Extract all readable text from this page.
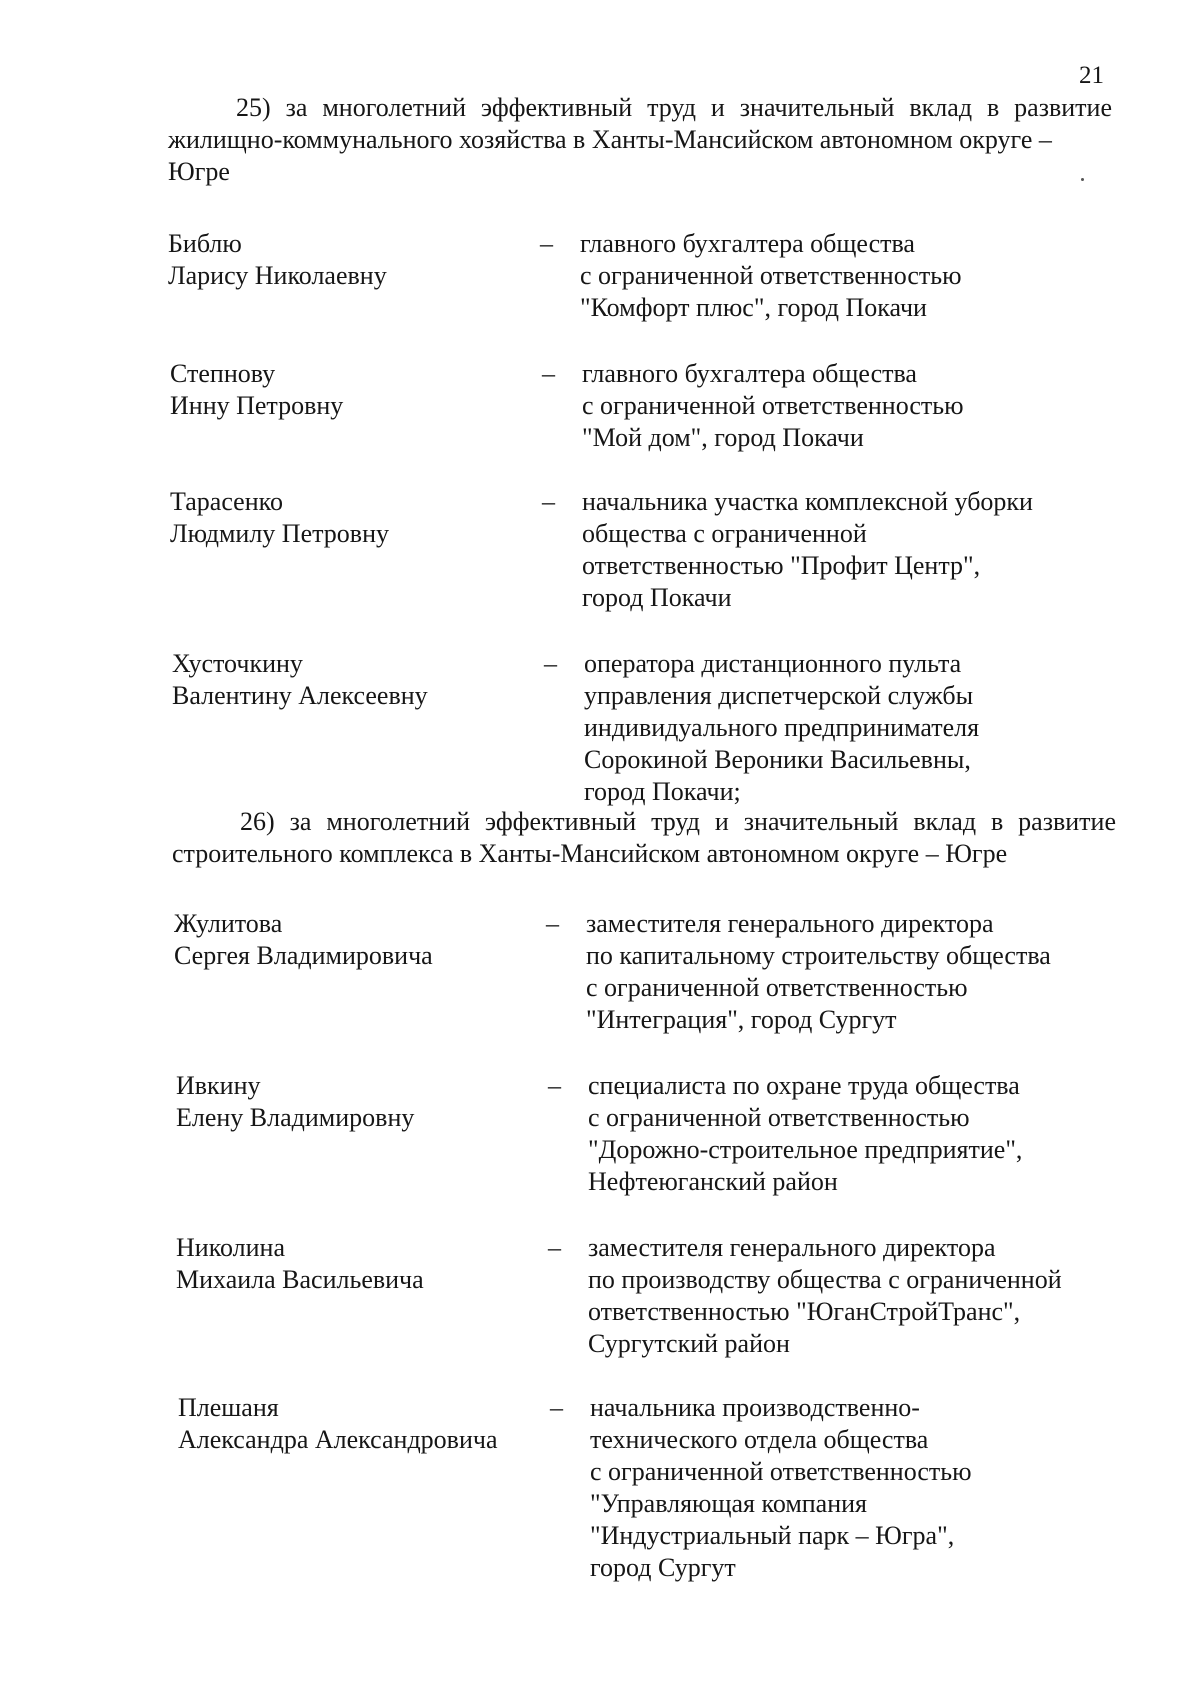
21
25) за многолетний эффективный труд и значительный вклад в развитие
жилищно-коммунального хозяйства в Ханты-Мансийском автономном округе –
Югре
Библю
Ларису Николаевну
– главного бухгалтера общества
с ограниченной ответственностью
"Комфорт плюс", город Покачи
Степнову
Инну Петровну
– главного бухгалтера общества
с ограниченной ответственностью
"Мой дом", город Покачи
Тарасенко
Людмилу Петровну
– начальника участка комплексной уборки
общества с ограниченной
ответственностью "Профит Центр",
город Покачи
Хусточкину
Валентину Алексеевну
– оператора дистанционного пульта
управления диспетчерской службы
индивидуального предпринимателя
Сорокиной Вероники Васильевны,
город Покачи;
26) за многолетний эффективный труд и значительный вклад в развитие
строительного комплекса в Ханты-Мансийском автономном округе – Югре
Жулитова
Сергея Владимировича
– заместителя генерального директора
по капитальному строительству общества
с ограниченной ответственностью
"Интеграция", город Сургут
Ивкину
Елену Владимировну
– специалиста по охране труда общества
с ограниченной ответственностью
"Дорожно-строительное предприятие",
Нефтеюганский район
Николина
Михаила Васильевича
– заместителя генерального директора
по производству общества с ограниченной
ответственностью "ЮганСтройТранс",
Сургутский район
Плешаня
Александра Александровича
– начальника производственно-
технического отдела общества
с ограниченной ответственностью
"Управляющая компания
"Индустриальный парк – Югра",
город Сургут
